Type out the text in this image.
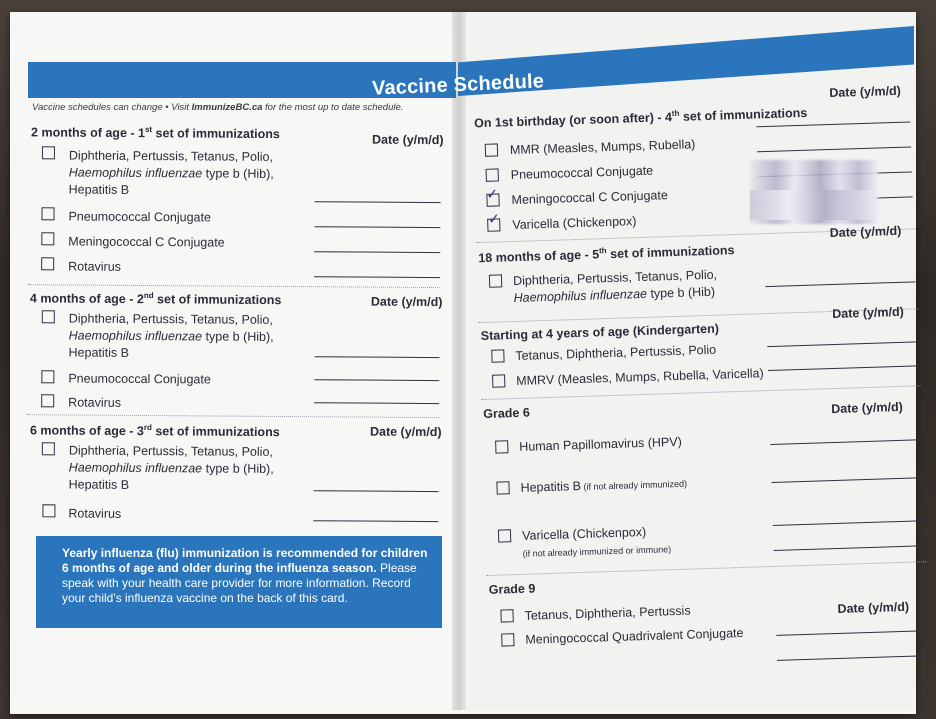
Vaccine Schedule
Vaccine schedules can change • Visit ImmunizeBC.ca for the most up to date schedule.
2 months of age - 1st set of immunizations	Date (y/m/d)
Diphtheria, Pertussis, Tetanus, Polio,
Haemophilus influenzae type b (Hib),
Hepatitis B
Pneumococcal Conjugate
Meningococcal C Conjugate
Rotavirus
4 months of age - 2nd set of immunizations	Date (y/m/d)
Diphtheria, Pertussis, Tetanus, Polio,
Haemophilus influenzae type b (Hib),
Hepatitis B
Pneumococcal Conjugate
Rotavirus
6 months of age - 3rd set of immunizations	Date (y/m/d)
Diphtheria, Pertussis, Tetanus, Polio,
Haemophilus influenzae type b (Hib),
Hepatitis B
Rotavirus
Yearly influenza (flu) immunization is recommended for children 6 months of age and older during the influenza season. Please speak with your health care provider for more information. Record your child's influenza vaccine on the back of this card.
On 1st birthday (or soon after) - 4th set of immunizations
Date (y/m/d)
MMR (Measles, Mumps, Rubella)
Pneumococcal Conjugate
✓ Meningococcal C Conjugate
✓ Varicella (Chickenpox)
18 months of age - 5th set of immunizations
Date (y/m/d)
Diphtheria, Pertussis, Tetanus, Polio,
Haemophilus influenzae type b (Hib)
Starting at 4 years of age (Kindergarten)
Date (y/m/d)
Tetanus, Diphtheria, Pertussis, Polio
MMRV (Measles, Mumps, Rubella, Varicella)
Grade 6	Date (y/m/d)
Human Papillomavirus (HPV)
Hepatitis B (if not already immunized)
Varicella (Chickenpox)
(if not already immunized or immune)
Grade 9
Date (y/m/d)
Tetanus, Diphtheria, Pertussis
Meningococcal Quadrivalent Conjugate
